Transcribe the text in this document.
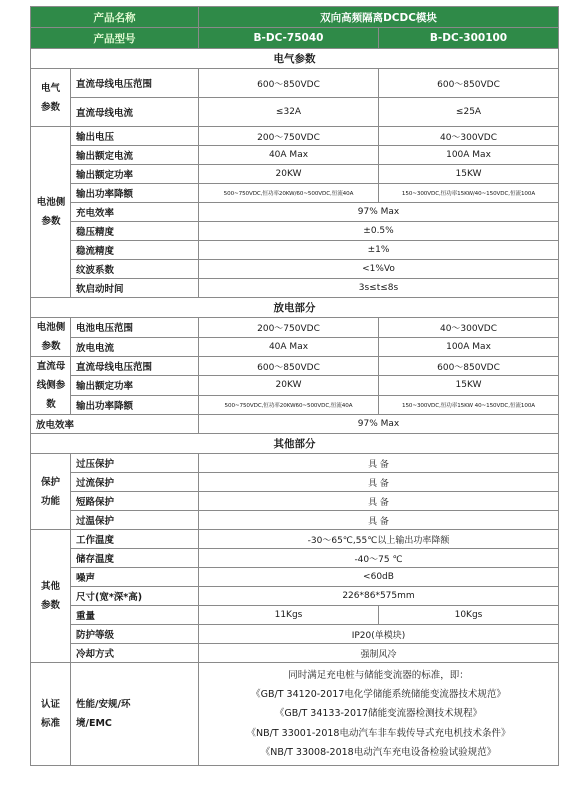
产品名称		双向高频隔离DCDC模块	
产品型号		B-DC-75040	B-DC-300100
电气参数			

电气参数	直流母线电压范围	600～850VDC	600～850VDC
	直流母线电流	≤32A	≤25A

电池侧参数	输出电压	200～750VDC	40～300VDC
	输出额定电流	40A Max	100A Max
	输出额定功率	20KW	15KW
	输出功率降额	500~750VDC,恒功率20KW/60~500VDC,恒流40A	150~300VDC,恒功率15KW/40~150VDC,恒流100A
	充电效率	97% Max	
	稳压精度	±0.5%	
	稳流精度	±1%	
	纹波系数	<1%Vo	
	软启动时间	3s≤t≤8s	
放电部分			

电池侧参数	电池电压范围	200～750VDC	40～300VDC
	放电电流	40A Max	100A Max

直流母线侧参数	直流母线电压范围	600～850VDC	600～850VDC
	输出额定功率	20KW	15KW
	输出功率降额	500~750VDC,恒功率20KW60~500VDC,恒流40A	150~300VDC,恒功率15KW 40~150VDC,恒流100A
放电效率		97% Max	
其他部分			

保护功能	过压保护	具 备	
	过流保护	具 备	
	短路保护	具 备	
	过温保护	具 备	

其他参数	工作温度	-30～65℃,55℃以上输出功率降额	
	储存温度	-40～75 ℃	
	噪声	<60dB	
	尺寸(宽*深*高)	226*86*575mm	
	重量	11Kgs	10Kgs
	防护等级	IP20(单模块)	
	冷却方式	强制风冷	

认证标准	性能/安规/环境/EMC	同时满足充电桩与储能变流器的标准，即：
《GB/T 34120-2017电化学储能系统储能变流器技术规范》
《GB/T 34133-2017储能变流器检测技术规程》
《NB/T 33001-2018电动汽车非车载传导式充电机技术条件》
《NB/T 33008-2018电动汽车充电设备检验试验规范》	
